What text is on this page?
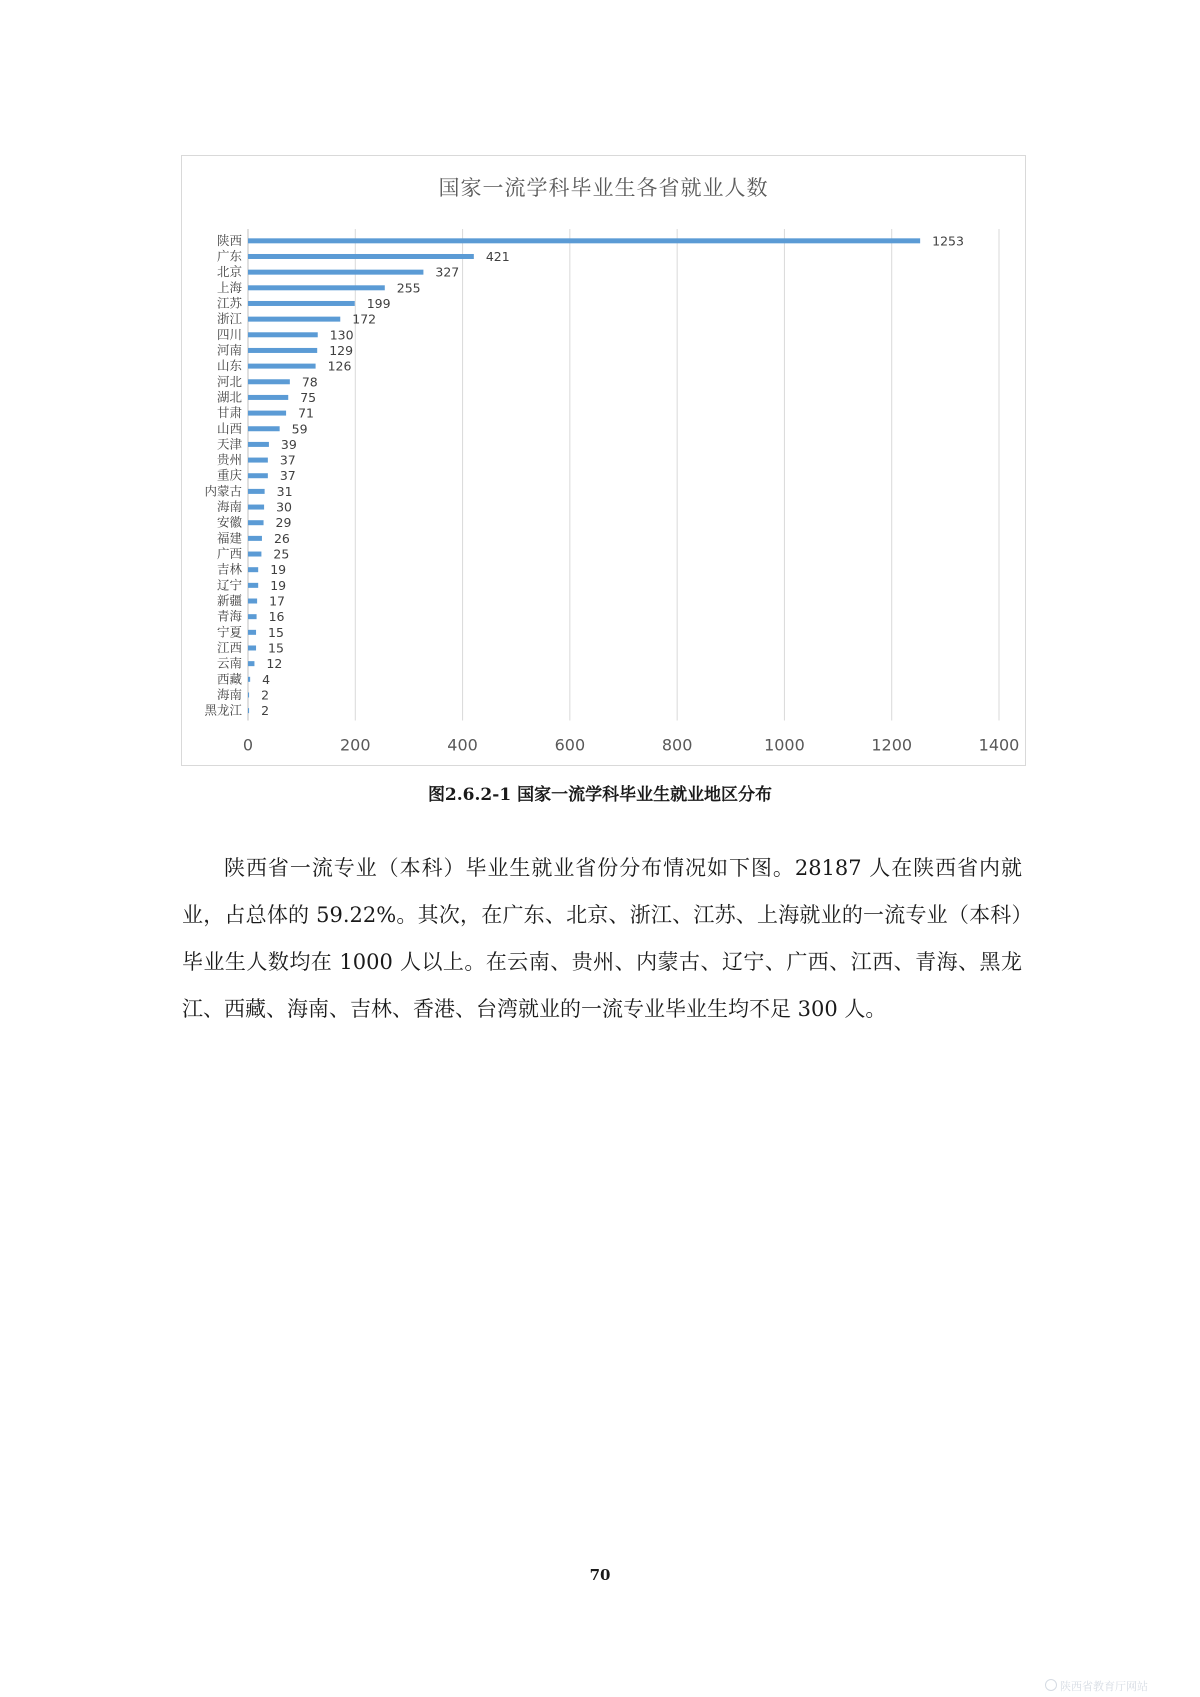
国家一流学科毕业生各省就业人数
陕西	1253
广东	421
北京	327
上海	255
江苏	199
浙江	172
四川	130
河南	129
山东	126
河北	78
湖北	75
甘肃	71
山西	59
天津	39
贵州	37
重庆	37
内蒙古	31
海南	30
安徽	29
福建	26
广西	25
吉林 19
辽宁 19
新疆 17
青海 16
宁夏 15
江西 15
云南 12
西藏 4
海南 2
黑龙江 2
0	200	400	600	800	1000	1200	1400
图2.6.2-1 国家一流学科毕业生就业地区分布
陕西省一流专业（本科）毕业生就业省份分布情况如下图。28187 人在陕西省内就业，占总体的 59.22%。其次，在广东、北京、浙江、江苏、上海就业的一流专业（本科）毕业生人数均在 1000 人以上。在云南、贵州、内蒙古、辽宁、广西、江西、青海、黑龙江、西藏、海南、吉林、香港、台湾就业的一流专业毕业生均不足 300 人。
70
陕西省教育厅网站
